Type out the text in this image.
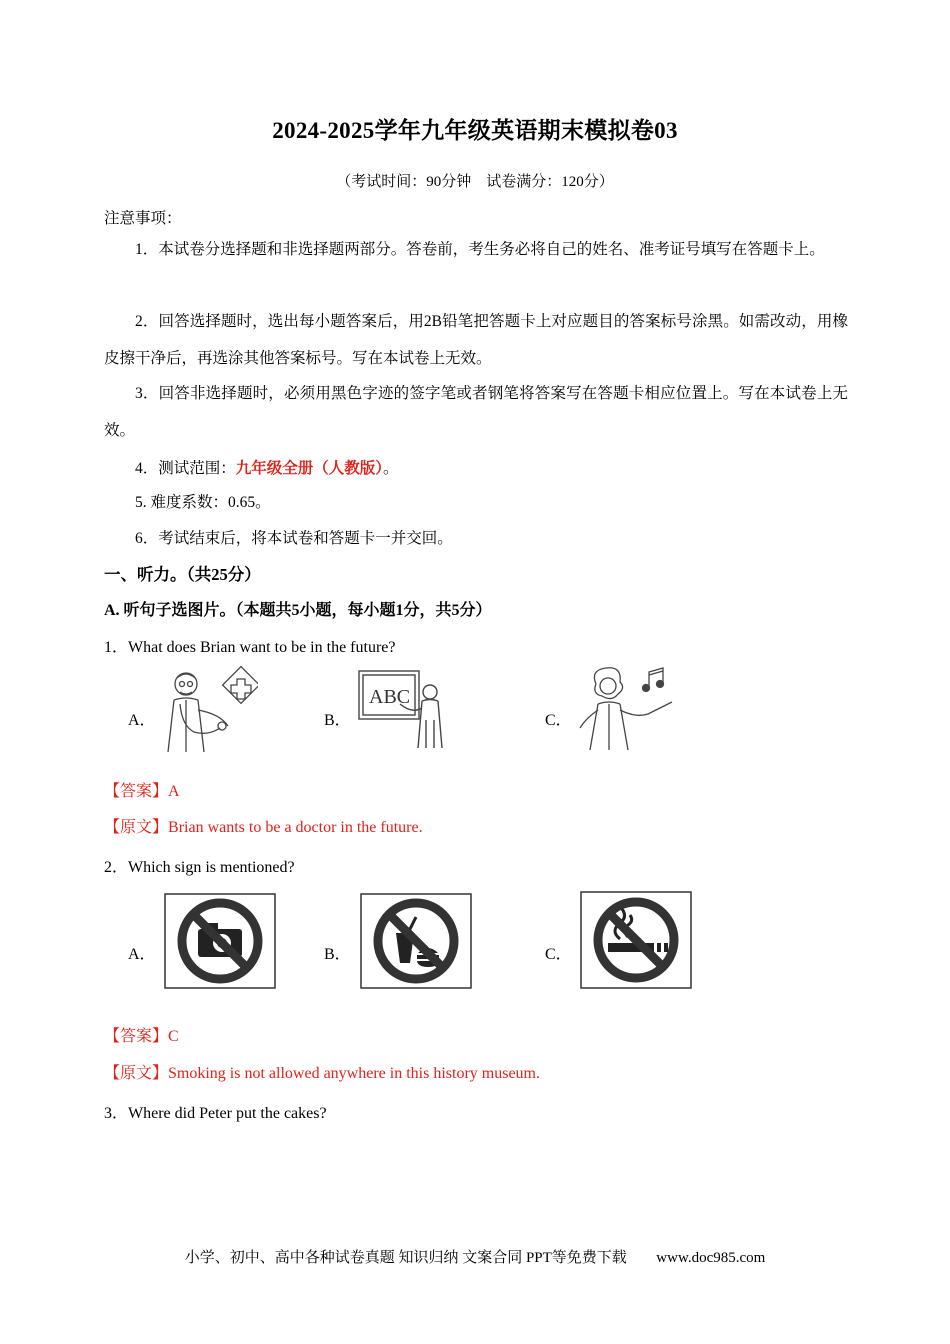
2024-2025学年九年级英语期末模拟卷03
（考试时间：90分钟　试卷满分：120分）
注意事项：
1．本试卷分选择题和非选择题两部分。答卷前，考生务必将自己的姓名、准考证号填写在答题卡上。
2．回答选择题时，选出每小题答案后，用2B铅笔把答题卡上对应题目的答案标号涂黑。如需改动，用橡皮擦干净后，再选涂其他答案标号。写在本试卷上无效。
3．回答非选择题时，必须用黑色字迹的签字笔或者钢笔将答案写在答题卡相应位置上。写在本试卷上无效。
4．测试范围：九年级全册（人教版）。
5. 难度系数：0.65。
6．考试结束后，将本试卷和答题卡一并交回。
一、听力。（共25分）
A. 听句子选图片。（本题共5小题，每小题1分，共5分）
1．What does Brian want to be in the future?
A．	B．
ABC
C．
【答案】A
【原文】Brian wants to be a doctor in the future.
2．Which sign is mentioned?
A．	B．	C．
【答案】C
【原文】Smoking is not allowed anywhere in this history museum.
3．Where did Peter put the cakes?
小学、初中、高中各种试卷真题 知识归纳 文案合同 PPT等免费下载 www.doc985.com
